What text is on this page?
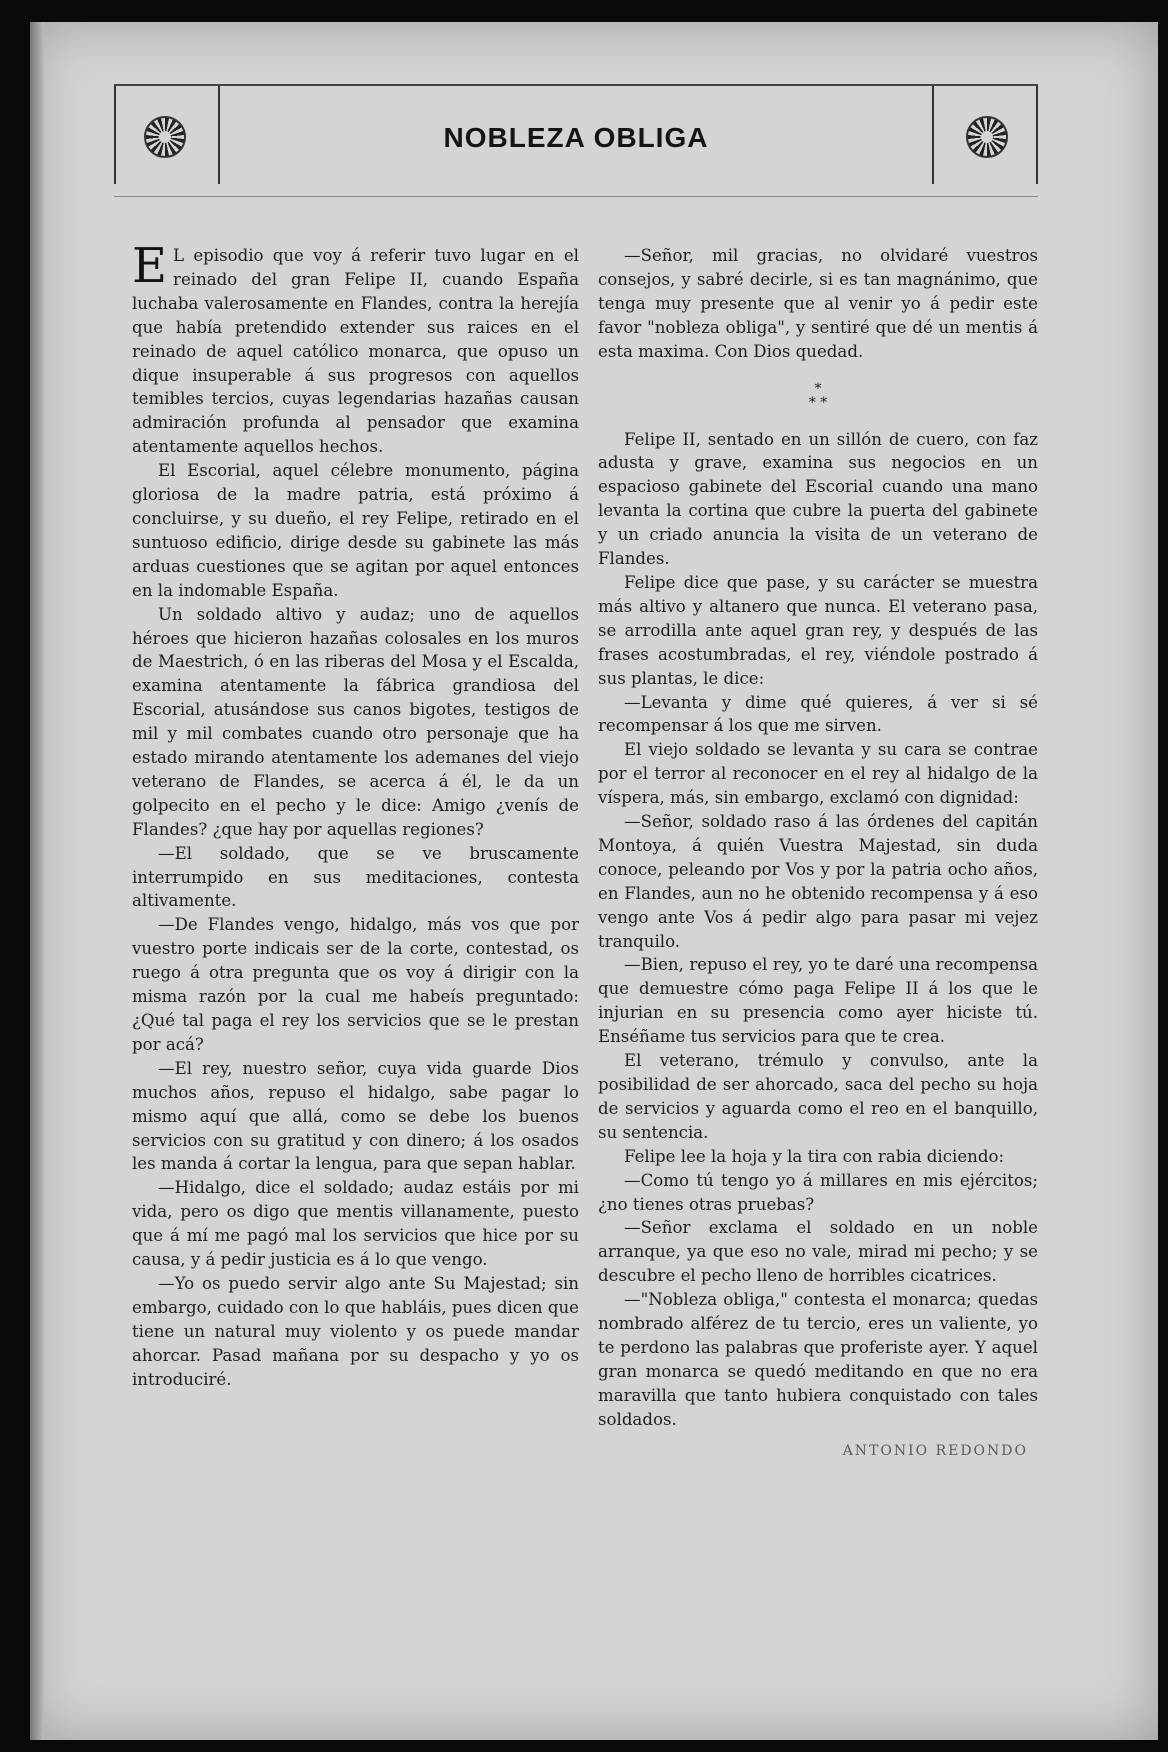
NOBLEZA OBLIGA

E L episodio que voy á referir tuvo lugar en el reinado del gran Felipe II, cuando España luchaba valerosamente en Flandes, contra la herejía que había pretendido extender sus raices en el reinado de aquel católico monarca, que opuso un dique insuperable á sus progresos con aquellos temibles tercios, cuyas legendarias hazañas causan admiración profunda al pensador que examina atentamente aquellos hechos.

El Escorial, aquel célebre monumento, página gloriosa de la madre patria, está próximo á concluirse, y su dueño, el rey Felipe, retirado en el suntuoso edificio, dirige desde su gabinete las más arduas cuestiones que se agitan por aquel entonces en la indomable España.

Un soldado altivo y audaz; uno de aquellos héroes que hicieron hazañas colosales en los muros de Maestrich, ó en las riberas del Mosa y el Escalda, examina atentamente la fábrica grandiosa del Escorial, atusándose sus canos bigotes, testigos de mil y mil combates cuando otro personaje que ha estado mirando atentamente los ademanes del viejo veterano de Flandes, se acerca á él, le da un golpecito en el pecho y le dice: Amigo ¿venís de Flandes? ¿que hay por aquellas regiones?

—El soldado, que se ve bruscamente interrumpido en sus meditaciones, contesta altivamente.

—De Flandes vengo, hidalgo, más vos que por vuestro porte indicais ser de la corte, contestad, os ruego á otra pregunta que os voy á dirigir con la misma razón por la cual me habeís preguntado: ¿Qué tal paga el rey los servicios que se le prestan por acá?

—El rey, nuestro señor, cuya vida guarde Dios muchos años, repuso el hidalgo, sabe pagar lo mismo aquí que allá, como se debe los buenos servicios con su gratitud y con dinero; á los osados les manda á cortar la lengua, para que sepan hablar.

—Hidalgo, dice el soldado; audaz estáis por mi vida, pero os digo que mentis villanamente, puesto que á mí me pagó mal los servicios que hice por su causa, y á pedir justicia es á lo que vengo.

—Yo os puedo servir algo ante Su Majestad; sin embargo, cuidado con lo que habláis, pues dicen que tiene un natural muy violento y os puede mandar ahorcar. Pasad mañana por su despacho y yo os introduciré.

—Señor, mil gracias, no olvidaré vuestros consejos, y sabré decirle, si es tan magnánimo, que tenga muy presente que al venir yo á pedir este favor "nobleza obliga", y sentiré que dé un mentis á esta maxima. Con Dios quedad.

*
* *

Felipe II, sentado en un sillón de cuero, con faz adusta y grave, examina sus negocios en un espacioso gabinete del Escorial cuando una mano levanta la cortina que cubre la puerta del gabinete y un criado anuncia la visita de un veterano de Flandes.

Felipe dice que pase, y su carácter se muestra más altivo y altanero que nunca. El veterano pasa, se arrodilla ante aquel gran rey, y después de las frases acostumbradas, el rey, viéndole postrado á sus plantas, le dice:

—Levanta y dime qué quieres, á ver si sé recompensar á los que me sirven.

El viejo soldado se levanta y su cara se contrae por el terror al reconocer en el rey al hidalgo de la víspera, más, sin embargo, exclamó con dignidad:

—Señor, soldado raso á las órdenes del capitán Montoya, á quién Vuestra Majestad, sin duda conoce, peleando por Vos y por la patria ocho años, en Flandes, aun no he obtenido recompensa y á eso vengo ante Vos á pedir algo para pasar mi vejez tranquilo.

—Bien, repuso el rey, yo te daré una recompensa que demuestre cómo paga Felipe II á los que le injurian en su presencia como ayer hiciste tú. Enséñame tus servicios para que te crea.

El veterano, trémulo y convulso, ante la posibilidad de ser ahorcado, saca del pecho su hoja de servicios y aguarda como el reo en el banquillo, su sentencia.

Felipe lee la hoja y la tira con rabia diciendo:

—Como tú tengo yo á millares en mis ejércitos; ¿no tienes otras pruebas?

—Señor exclama el soldado en un noble arranque, ya que eso no vale, mirad mi pecho; y se descubre el pecho lleno de horribles cicatrices.

—"Nobleza obliga," contesta el monarca; quedas nombrado alférez de tu tercio, eres un valiente, yo te perdono las palabras que proferiste ayer. Y aquel gran monarca se quedó meditando en que no era maravilla que tanto hubiera conquistado con tales soldados.

ANTONIO REDONDO
